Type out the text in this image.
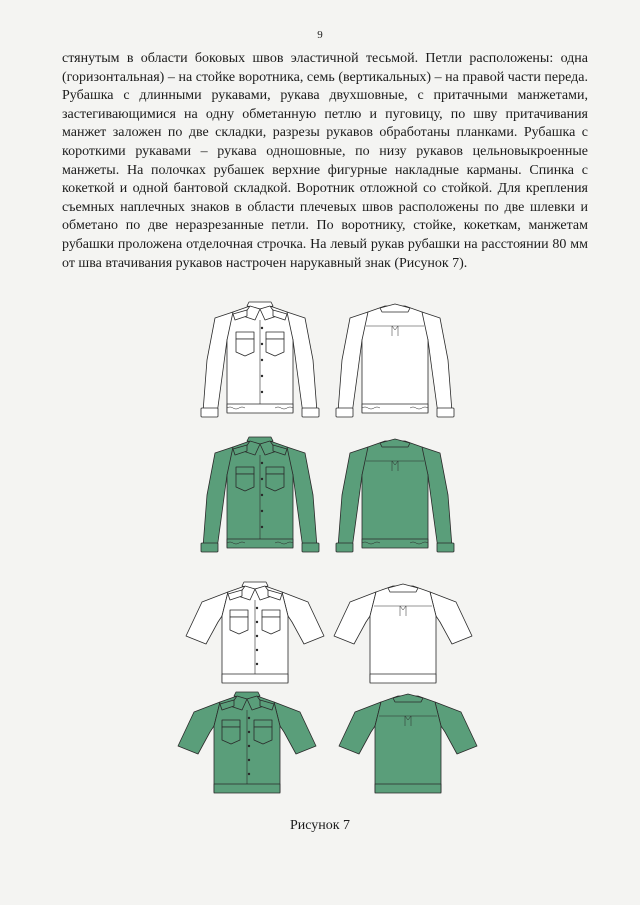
9
стянутым в области боковых швов эластичной тесьмой. Петли расположены: одна (горизонтальная) – на стойке воротника, семь (вертикальных) – на правой части переда. Рубашка с длинными рукавами, рукава двухшовные, с притачными манжетами, застегивающимися на одну обметанную петлю и пуговицу, по шву притачивания манжет заложен по две складки, разрезы рукавов обработаны планками. Рубашка с короткими рукавами – рукава одношовные, по низу рукавов цельновыкроенные манжеты. На полочках рубашек верхние фигурные накладные карманы. Спинка с кокеткой и одной бантовой складкой. Воротник отложной со стойкой. Для крепления съемных наплечных знаков в области плечевых швов расположены по две шлевки и обметано по две неразрезанные петли. По воротнику, стойке, кокеткам, манжетам рубашки проложена отделочная строчка. На левый рукав рубашки на расстоянии 80 мм от шва втачивания рукавов настрочен нарукавный знак (Рисунок 7).
Рисунок 7
